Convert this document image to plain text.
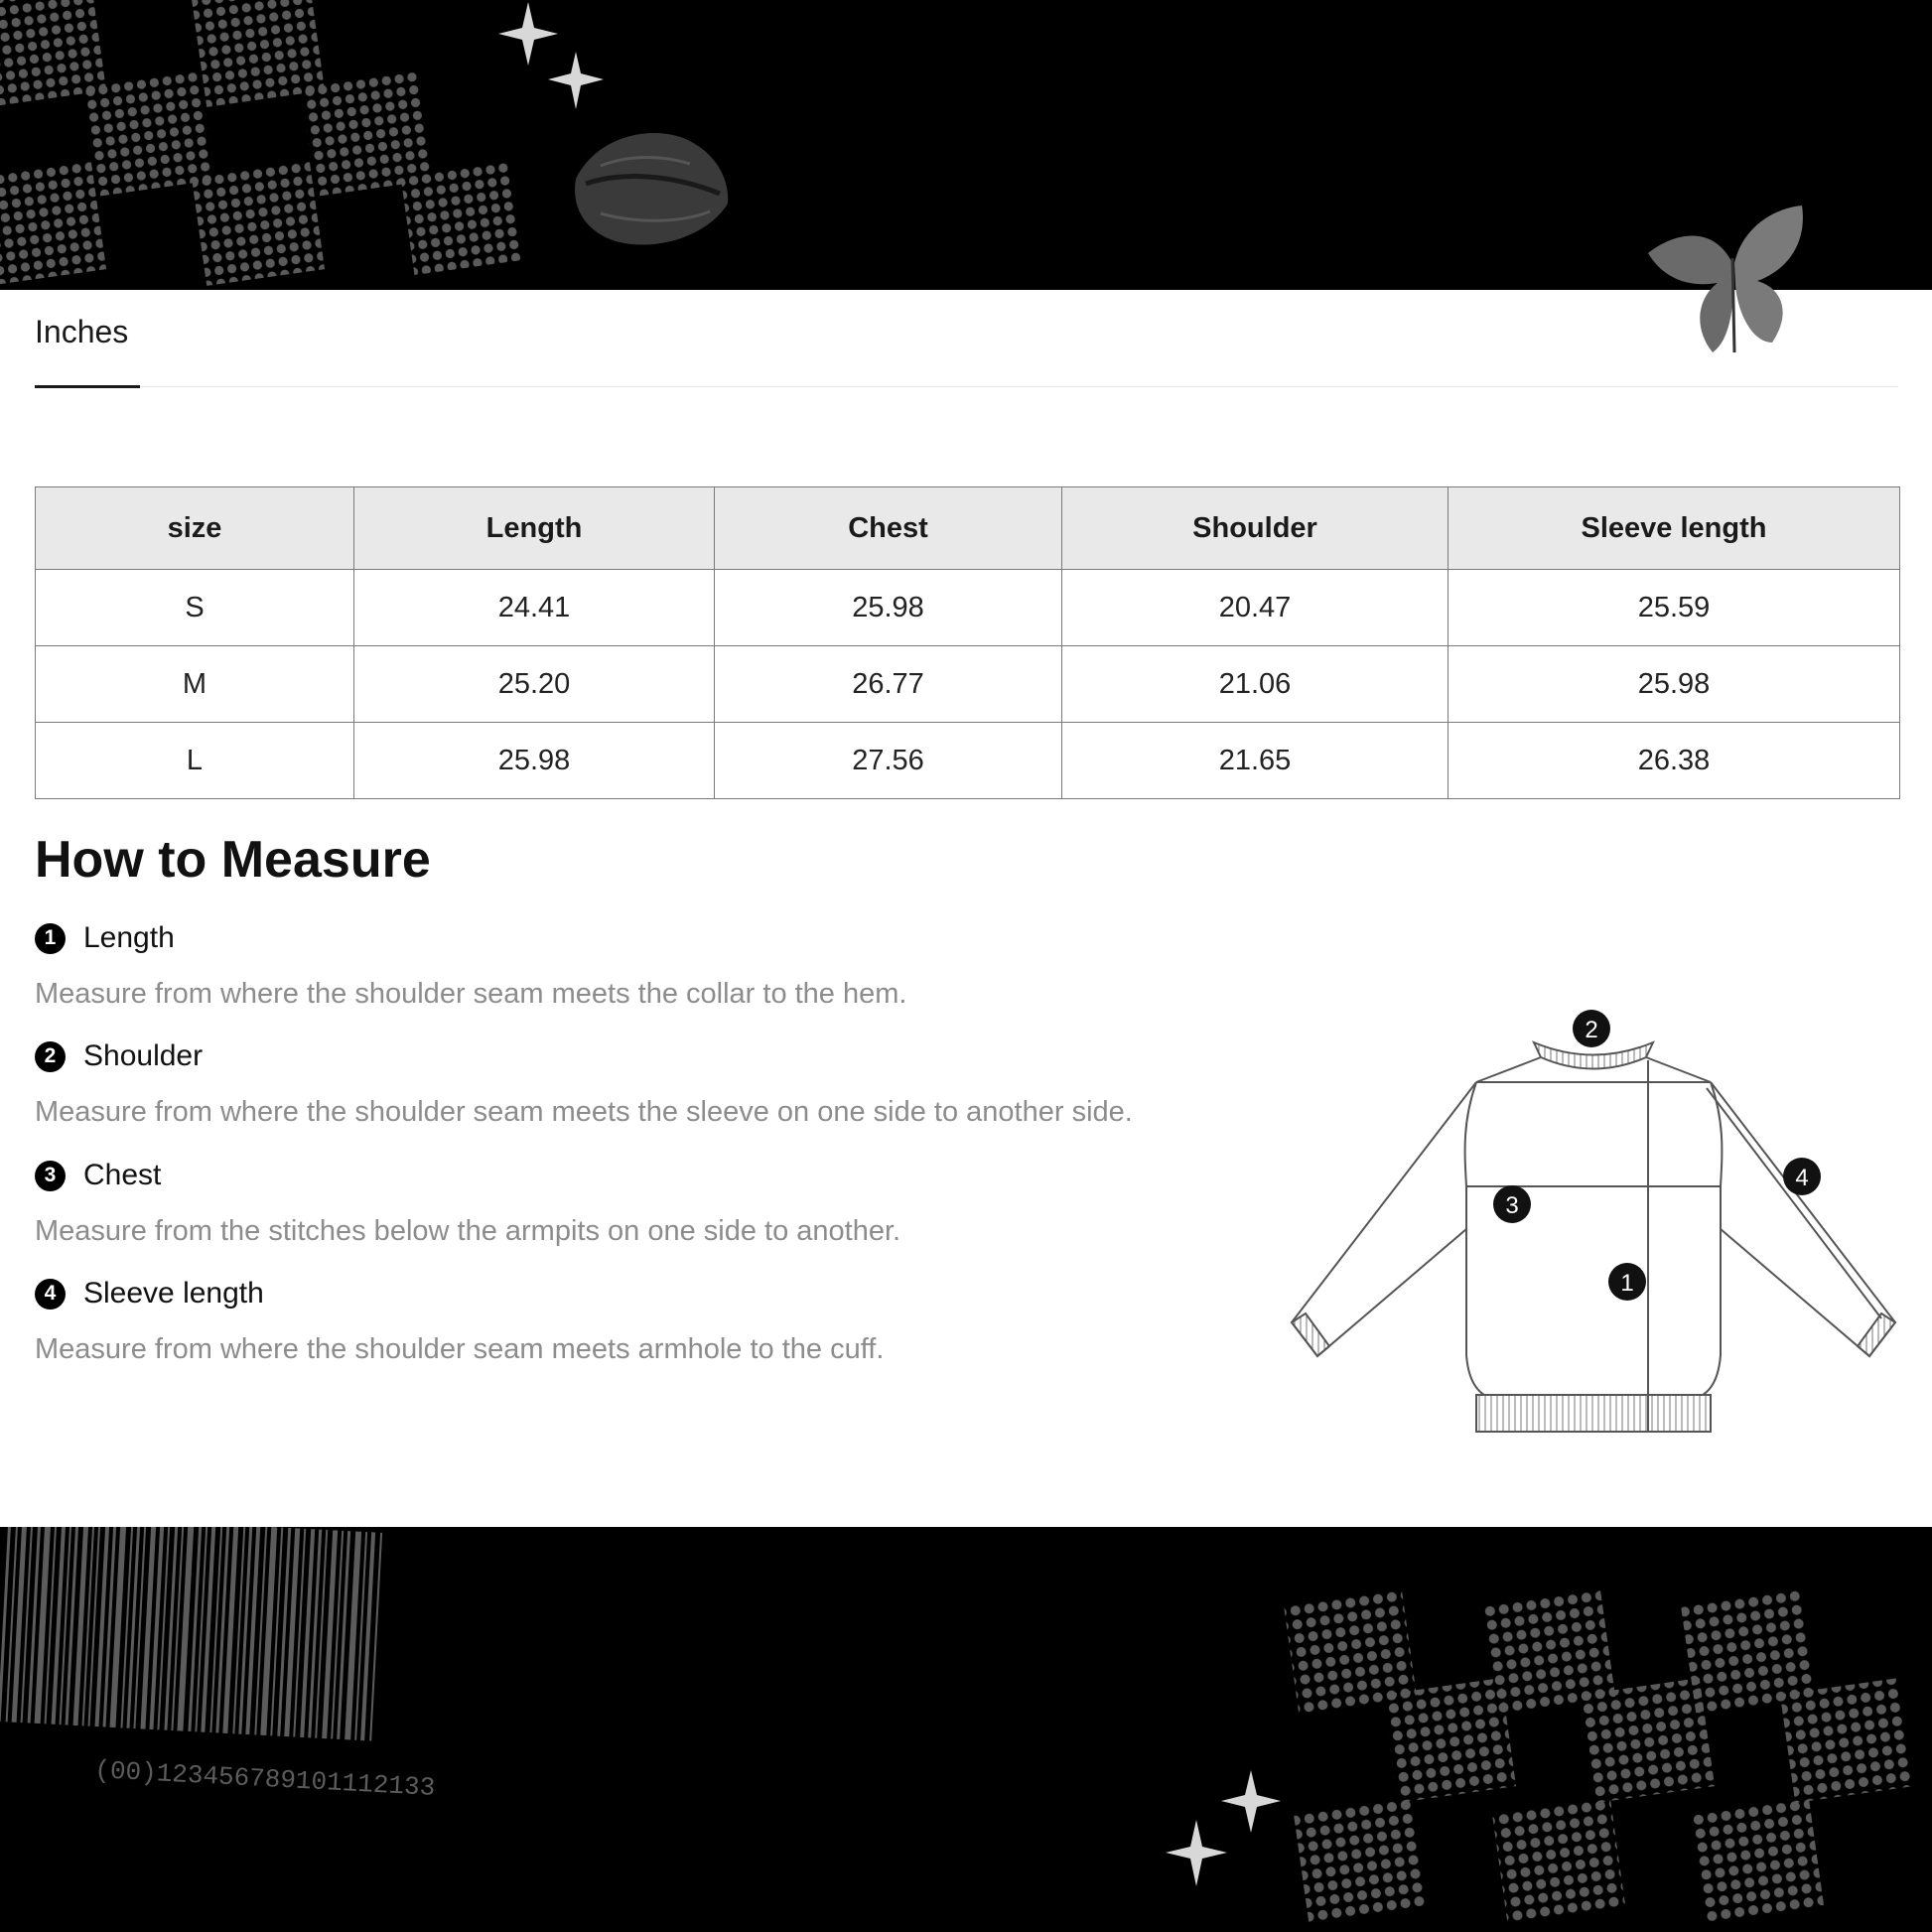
Inches
size	Length	Chest	Shoulder	Sleeve length
S	24.41	25.98	20.47	25.59
M	25.20	26.77	21.06	25.98
L	25.98	27.56	21.65	26.38
How to Measure
1 Length
Measure from where the shoulder seam meets the collar to the hem.
2 Shoulder
Measure from where the shoulder seam meets the sleeve on one side to another side.
3 Chest
Measure from the stitches below the armpits on one side to another.
4 Sleeve length
Measure from where the shoulder seam meets armhole to the cuff.
2
3
1
4
(00)123456789101112133
